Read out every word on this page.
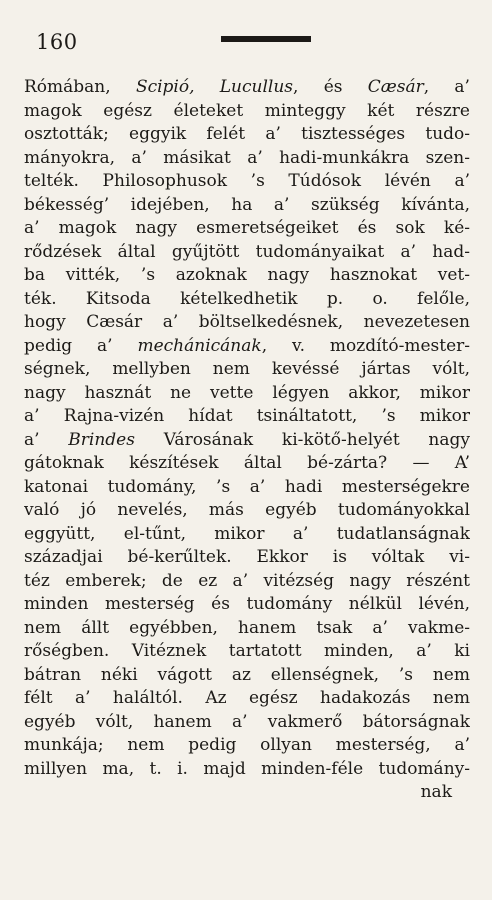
160
Rómában, Scipió, Lucullus, és Cæsár, a’
magok egész életeket minteggy két részre
osztották; eggyik felét a’ tisztességes tudo-
mányokra, a’ másikat a’ hadi-munkákra szen-
telték. Philosophusok ’s Túdósok lévén a’
békesség’ idejében, ha a’ szükség kívánta,
a’ magok nagy esmeretségeiket és sok ké-
rődzések által gyűjtött tudományaikat a’ had-
ba vitték, ’s azoknak nagy hasznokat vet-
ték. Kitsoda kételkedhetik p. o. felőle,
hogy Cæsár a’ böltselkedésnek, nevezetesen
pedig a’ mechánicának, v. mozdító-mester-
ségnek, mellyben nem kevéssé jártas vólt,
nagy hasznát ne vette légyen akkor, mikor
a’ Rajna-vizén hídat tsináltatott, ’s mikor
a’ Brindes Városának ki-kötő-helyét nagy
gátoknak készítések által bé-zárta? — A’
katonai tudomány, ’s a’ hadi mesterségekre
való jó nevelés, más egyéb tudományokkal
eggyütt, el-tűnt, mikor a’ tudatlanságnak
századjai bé-kerűltek. Ekkor is vóltak vi-
téz emberek; de ez a’ vitézség nagy részént
minden mesterség és tudomány nélkül lévén,
nem állt egyébben, hanem tsak a’ vakme-
rőségben. Vitéznek tartatott minden, a’ ki
bátran néki vágott az ellenségnek, ’s nem
félt a’ haláltól. Az egész hadakozás nem
egyéb vólt, hanem a’ vakmerő bátorságnak
munkája; nem pedig ollyan mesterség, a’
millyen ma, t. i. majd minden-féle tudomány-
nak
